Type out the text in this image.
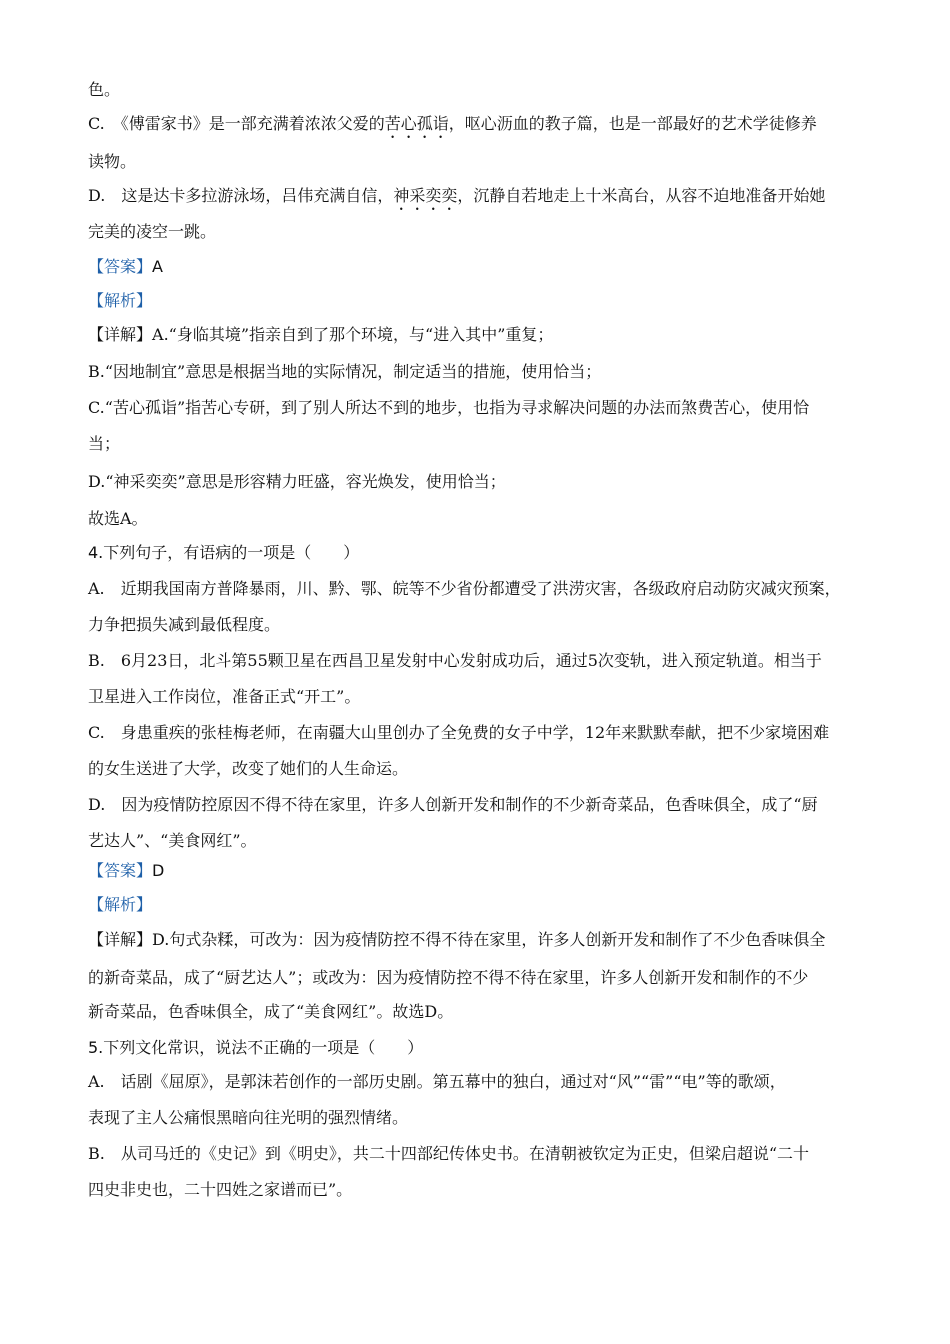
色。
C.　《傅雷家书》是一部充满着浓浓父爱的苦心孤诣，呕心沥血的教子篇，也是一部最好的艺术学徒修养
读物。
D.　这是达卡多拉游泳场，吕伟充满自信，神采奕奕，沉静自若地走上十米高台，从容不迫地准备开始她
完美的凌空一跳。
【答案】A
【解析】
【详解】A.“身临其境”指亲自到了那个环境，与“进入其中”重复；
B.“因地制宜”意思是根据当地的实际情况，制定适当的措施，使用恰当；
C.“苦心孤诣”指苦心专研，到了别人所达不到的地步，也指为寻求解决问题的办法而煞费苦心，使用恰
当；
D.“神采奕奕”意思是形容精力旺盛，容光焕发，使用恰当；
故选A。
4.下列句子，有语病的一项是（　　）
A.　近期我国南方普降暴雨，川、黔、鄂、皖等不少省份都遭受了洪涝灾害，各级政府启动防灾减灾预案，
力争把损失减到最低程度。
B.　6月23日，北斗第55颗卫星在西昌卫星发射中心发射成功后，通过5次变轨，进入预定轨道。相当于
卫星进入工作岗位，准备正式“开工”。
C.　身患重疾的张桂梅老师，在南疆大山里创办了全免费的女子中学，12年来默默奉献，把不少家境困难
的女生送进了大学，改变了她们的人生命运。
D.　因为疫情防控原因不得不待在家里，许多人创新开发和制作的不少新奇菜品，色香味俱全，成了“厨
艺达人”、“美食网红”。
【答案】D
【解析】
【详解】D.句式杂糅，可改为：因为疫情防控不得不待在家里，许多人创新开发和制作了不少色香味俱全
的新奇菜品，成了“厨艺达人”；或改为：因为疫情防控不得不待在家里，许多人创新开发和制作的不少
新奇菜品，色香味俱全，成了“美食网红”。故选D。
5.下列文化常识，说法不正确的一项是（　　）
A.　话剧《屈原》，是郭沫若创作的一部历史剧。第五幕中的独白，通过对“风”“雷”“电”等的歌颂，
表现了主人公痛恨黑暗向往光明的强烈情绪。
B.　从司马迁的《史记》到《明史》，共二十四部纪传体史书。在清朝被钦定为正史，但梁启超说“二十
四史非史也，二十四姓之家谱而已”。
